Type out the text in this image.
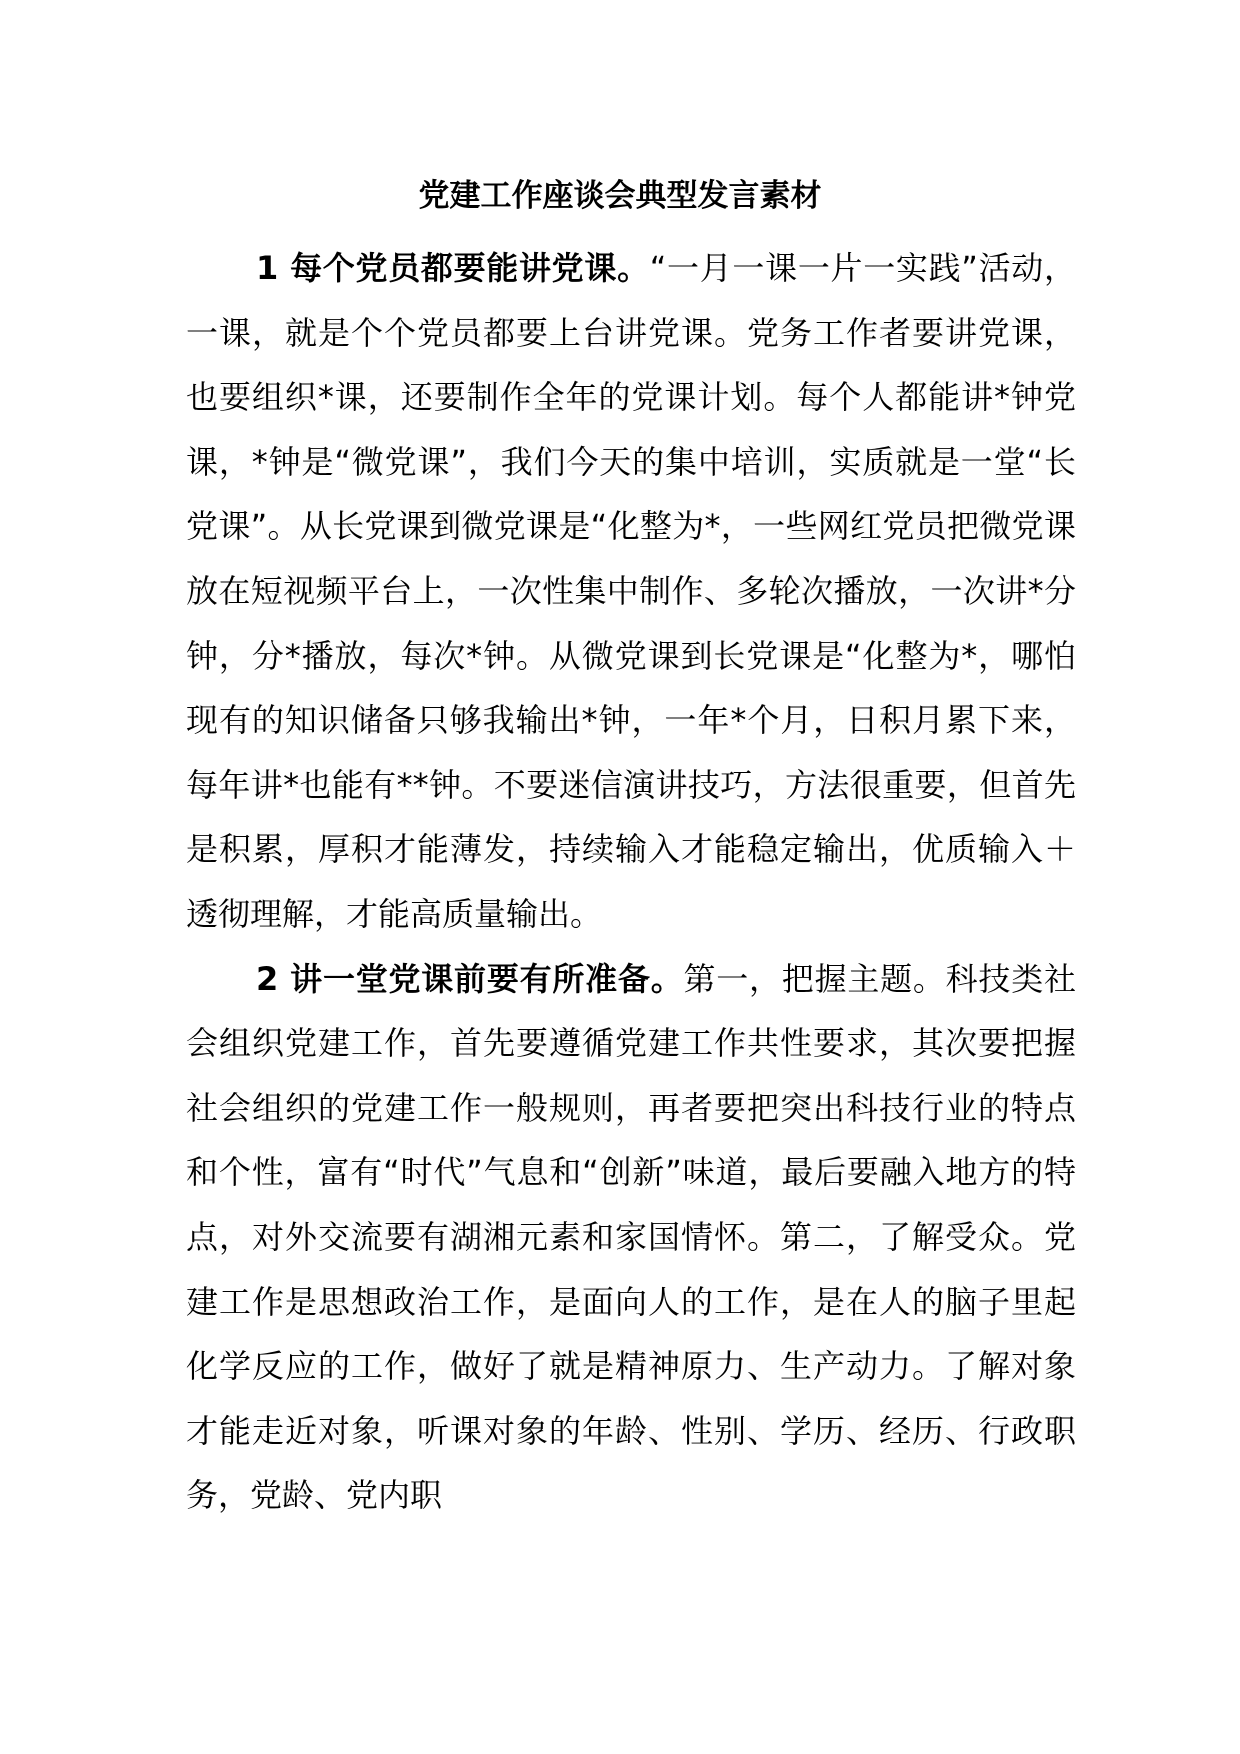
党建工作座谈会典型发言素材

1 每个党员都要能讲党课。“一月一课一片一实践”活动，一课，就是个个党员都要上台讲党课。党务工作者要讲党课，也要组织*课，还要制作全年的党课计划。每个人都能讲*钟党课，*钟是“微党课”，我们今天的集中培训，实质就是一堂“长党课”。从长党课到微党课是“化整为*，一些网红党员把微党课放在短视频平台上，一次性集中制作、多轮次播放，一次讲*分钟，分*播放，每次*钟。从微党课到长党课是“化整为*，哪怕现有的知识储备只够我输出*钟，一年*个月，日积月累下来，每年讲*也能有**钟。不要迷信演讲技巧，方法很重要，但首先是积累，厚积才能薄发，持续输入才能稳定输出，优质输入＋透彻理解，才能高质量输出。

2 讲一堂党课前要有所准备。第一，把握主题。科技类社会组织党建工作，首先要遵循党建工作共性要求，其次要把握社会组织的党建工作一般规则，再者要把突出科技行业的特点和个性，富有“时代”气息和“创新”味道，最后要融入地方的特点，对外交流要有湖湘元素和家国情怀。第二，了解受众。党建工作是思想政治工作，是面向人的工作，是在人的脑子里起化学反应的工作，做好了就是精神原力、生产动力。了解对象才能走近对象，听课对象的年龄、性别、学历、经历、行政职务，党龄、党内职
